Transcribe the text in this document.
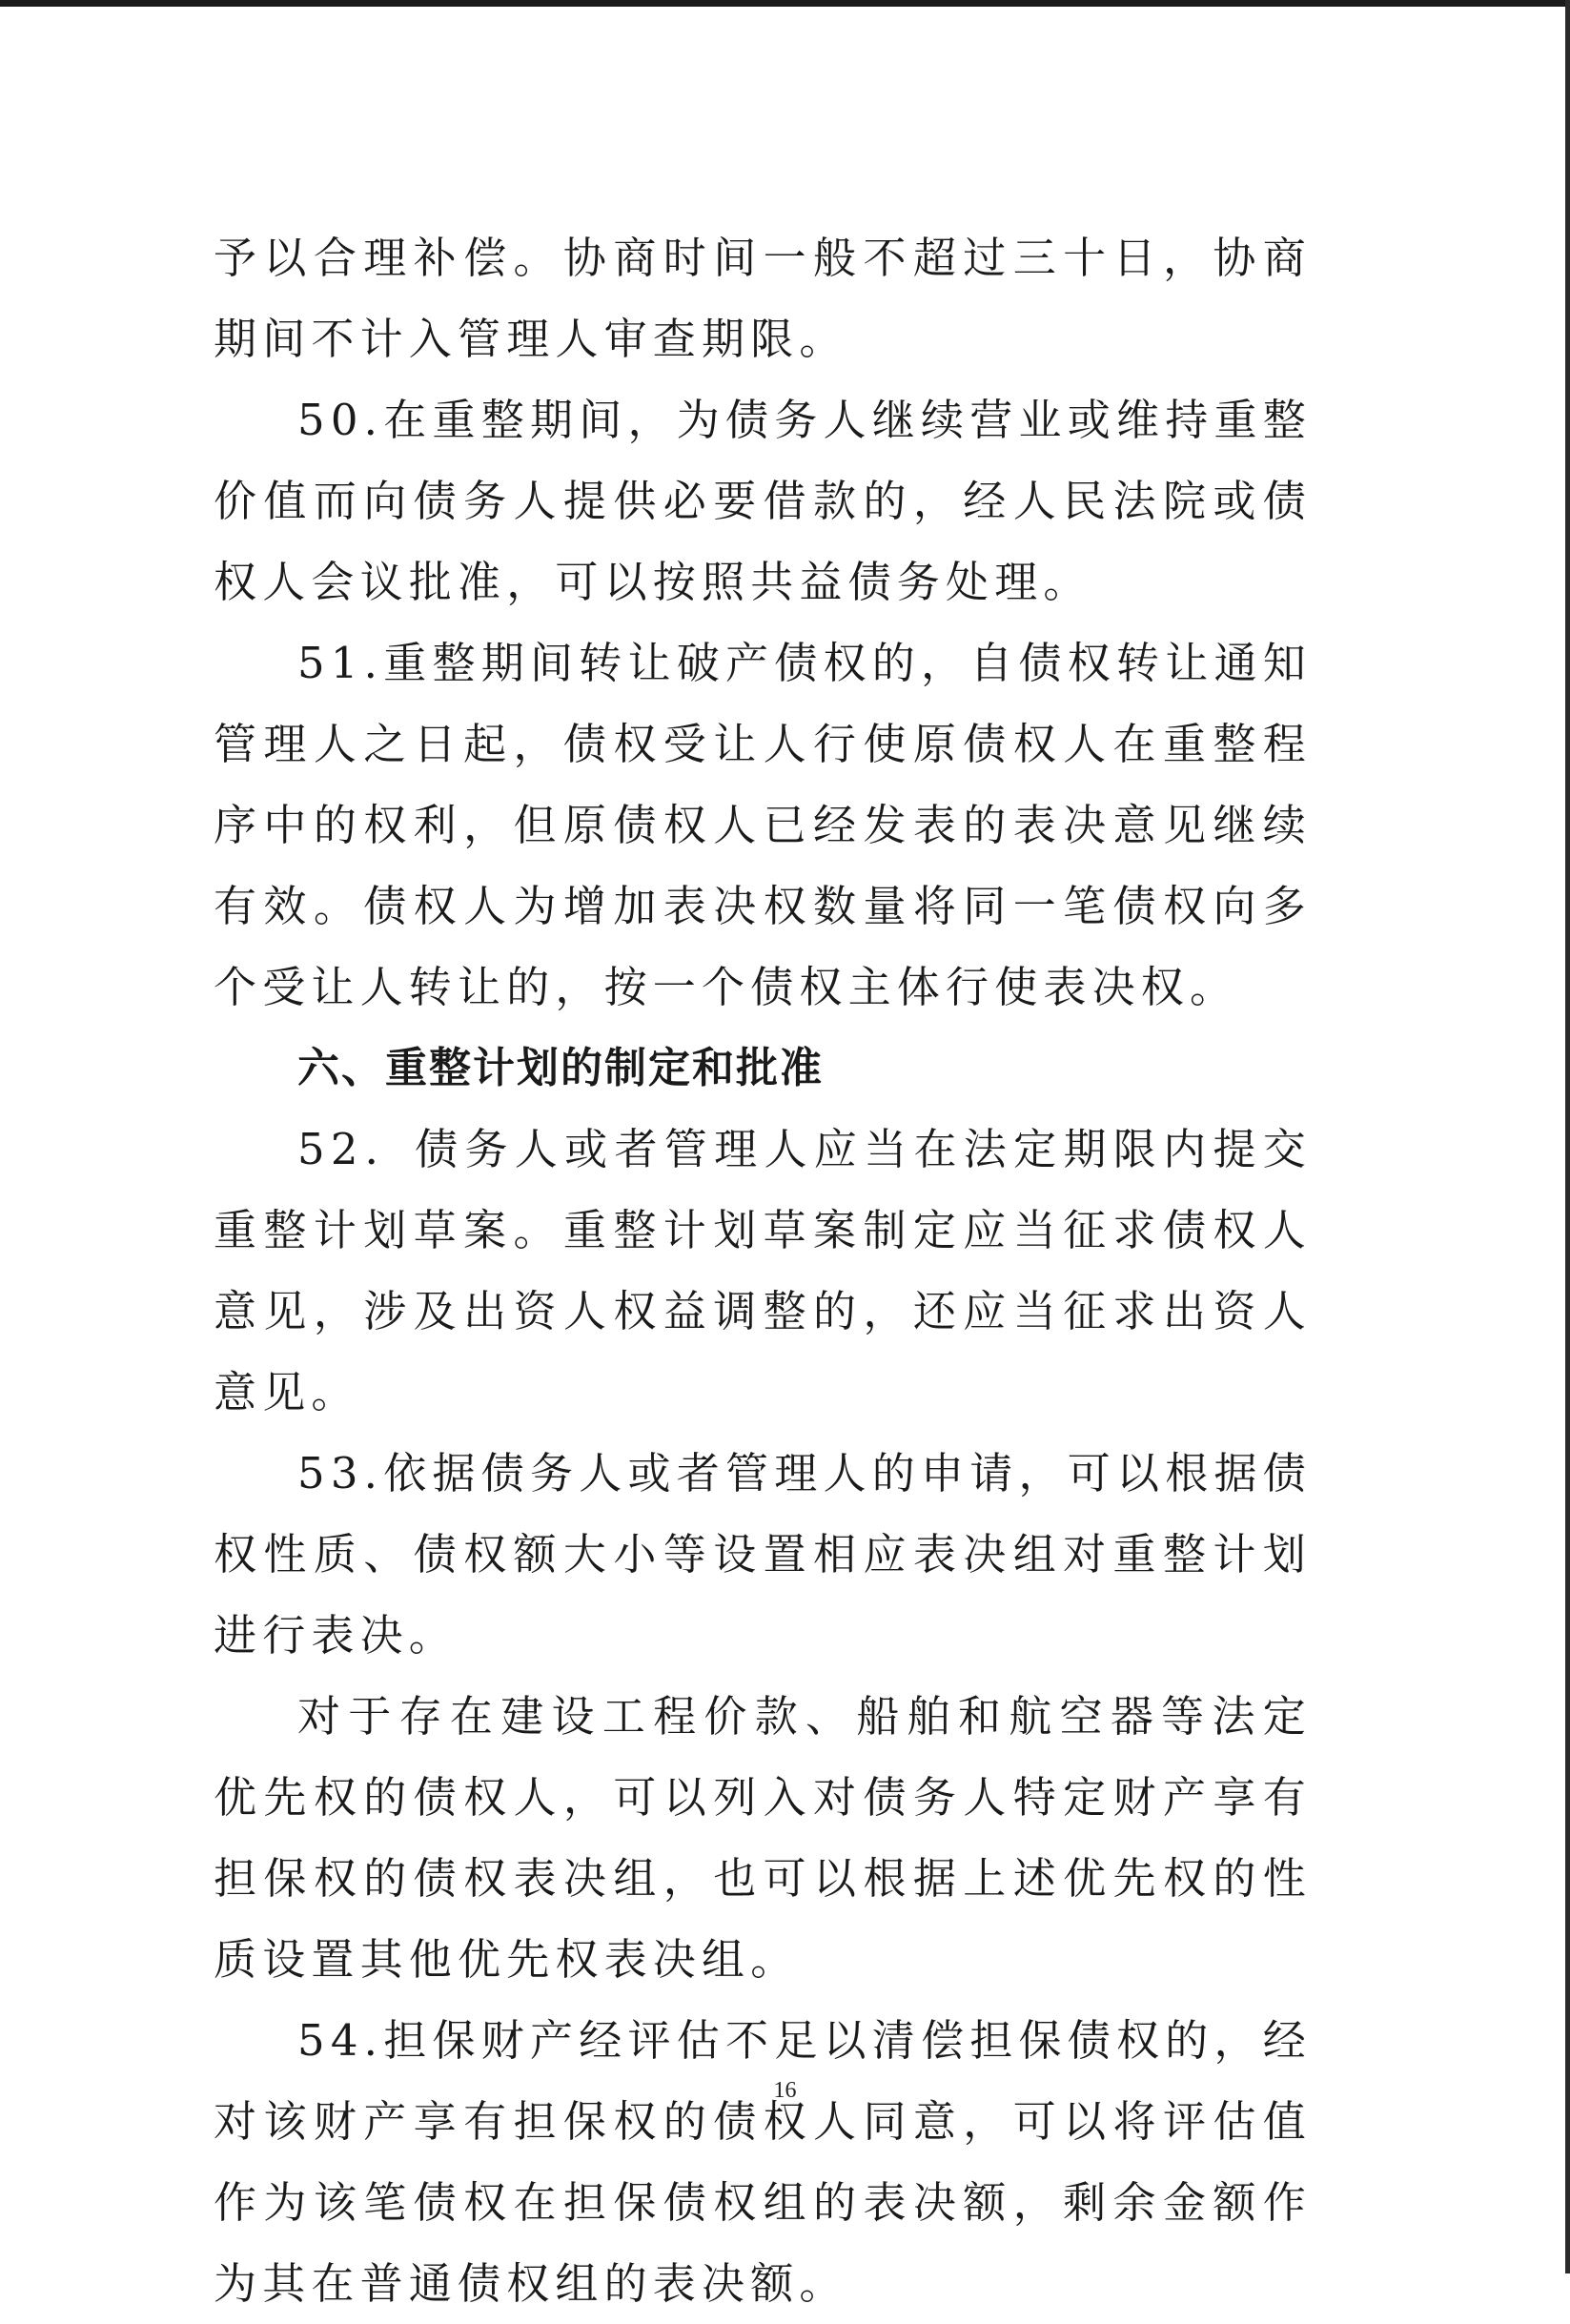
予以合理补偿。协商时间一般不超过三十日，协商期间不计入管理人审查期限。

50.在重整期间，为债务人继续营业或维持重整价值而向债务人提供必要借款的，经人民法院或债权人会议批准，可以按照共益债务处理。

51.重整期间转让破产债权的，自债权转让通知管理人之日起，债权受让人行使原债权人在重整程序中的权利，但原债权人已经发表的表决意见继续有效。债权人为增加表决权数量将同一笔债权向多个受让人转让的，按一个债权主体行使表决权。

六、重整计划的制定和批准

52．债务人或者管理人应当在法定期限内提交重整计划草案。重整计划草案制定应当征求债权人意见，涉及出资人权益调整的，还应当征求出资人意见。

53.依据债务人或者管理人的申请，可以根据债权性质、债权额大小等设置相应表决组对重整计划进行表决。

对于存在建设工程价款、船舶和航空器等法定优先权的债权人，可以列入对债务人特定财产享有担保权的债权表决组，也可以根据上述优先权的性质设置其他优先权表决组。

54.担保财产经评估不足以清偿担保债权的，经对该财产享有担保权的债权人同意，可以将评估值作为该笔债权在担保债权组的表决额，剩余金额作为其在普通债权组的表决额。

16
